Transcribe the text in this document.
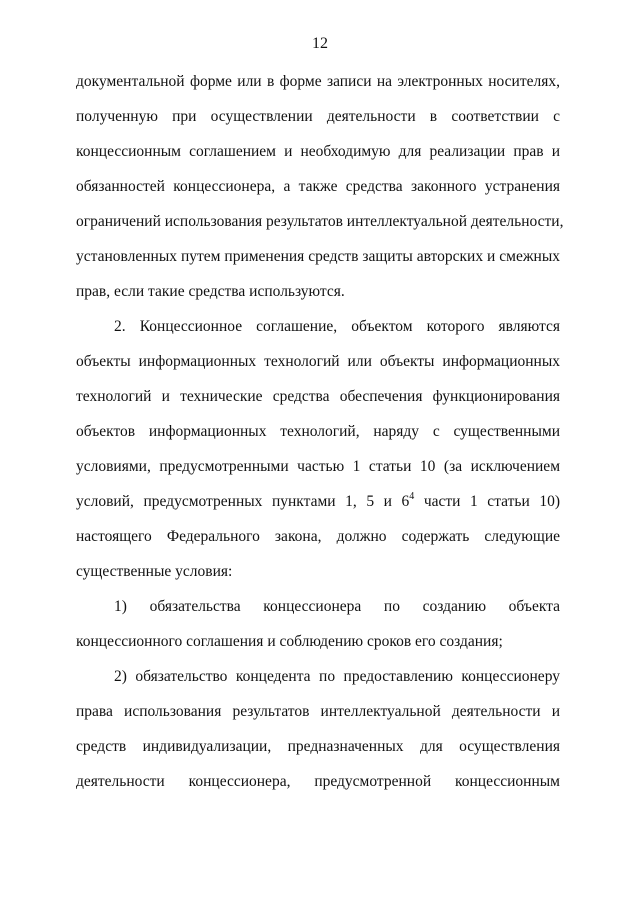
12
документальной форме или в форме записи на электронных носителях,
полученную при осуществлении деятельности в соответствии с
концессионным соглашением и необходимую для реализации прав и
обязанностей концессионера, а также средства законного устранения
ограничений использования результатов интеллектуальной деятельности,
установленных путем применения средств защиты авторских и смежных
прав, если такие средства используются.
2. Концессионное соглашение, объектом которого являются
объекты информационных технологий или объекты информационных
технологий и технические средства обеспечения функционирования
объектов информационных технологий, наряду с существенными
условиями, предусмотренными частью 1 статьи 10 (за исключением
условий, предусмотренных пунктами 1, 5 и $6^4$ части 1 статьи 10)
настоящего Федерального закона, должно содержать следующие
существенные условия:
1) обязательства концессионера по созданию объекта
концессионного соглашения и соблюдению сроков его создания;
2) обязательство концедента по предоставлению концессионеру
права использования результатов интеллектуальной деятельности и
средств индивидуализации, предназначенных для осуществления
деятельности концессионера, предусмотренной концессионным
